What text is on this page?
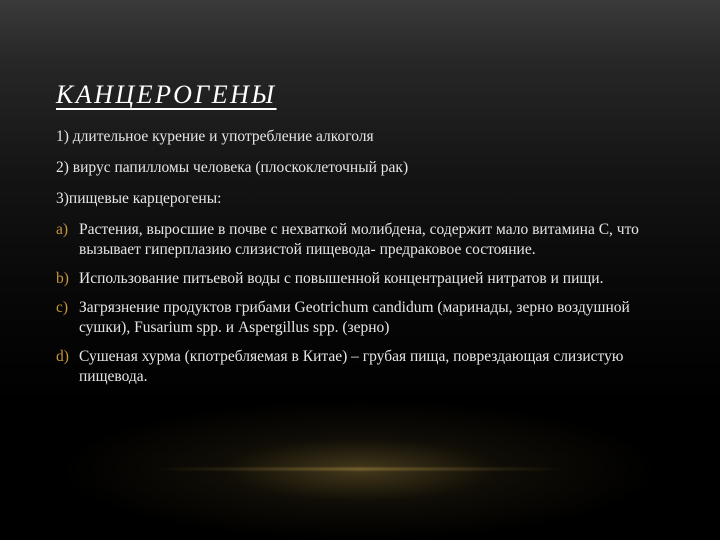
КАНЦЕРОГЕНЫ

1) длительное курение и употребление алкоголя

2) вирус папилломы человека (плоскоклеточный рак)

3)пищевые карцерогены:

a) Растения, выросшие в почве с нехваткой молибдена, содержит мало витамина С, что вызывает гиперплазию слизистой пищевода- предраковое состояние.
b) Использование питьевой воды с повышенной концентрацией нитратов и пищи.
c) Загрязнение продуктов грибами Geotrichum candidum (маринады, зерно воздушной сушки), Fusarium spp. и Aspergillus spp. (зерно)
d) Сушеная хурма (кпотребляемая в Китае) – грубая пища, поврездающая слизистую пищевода.
